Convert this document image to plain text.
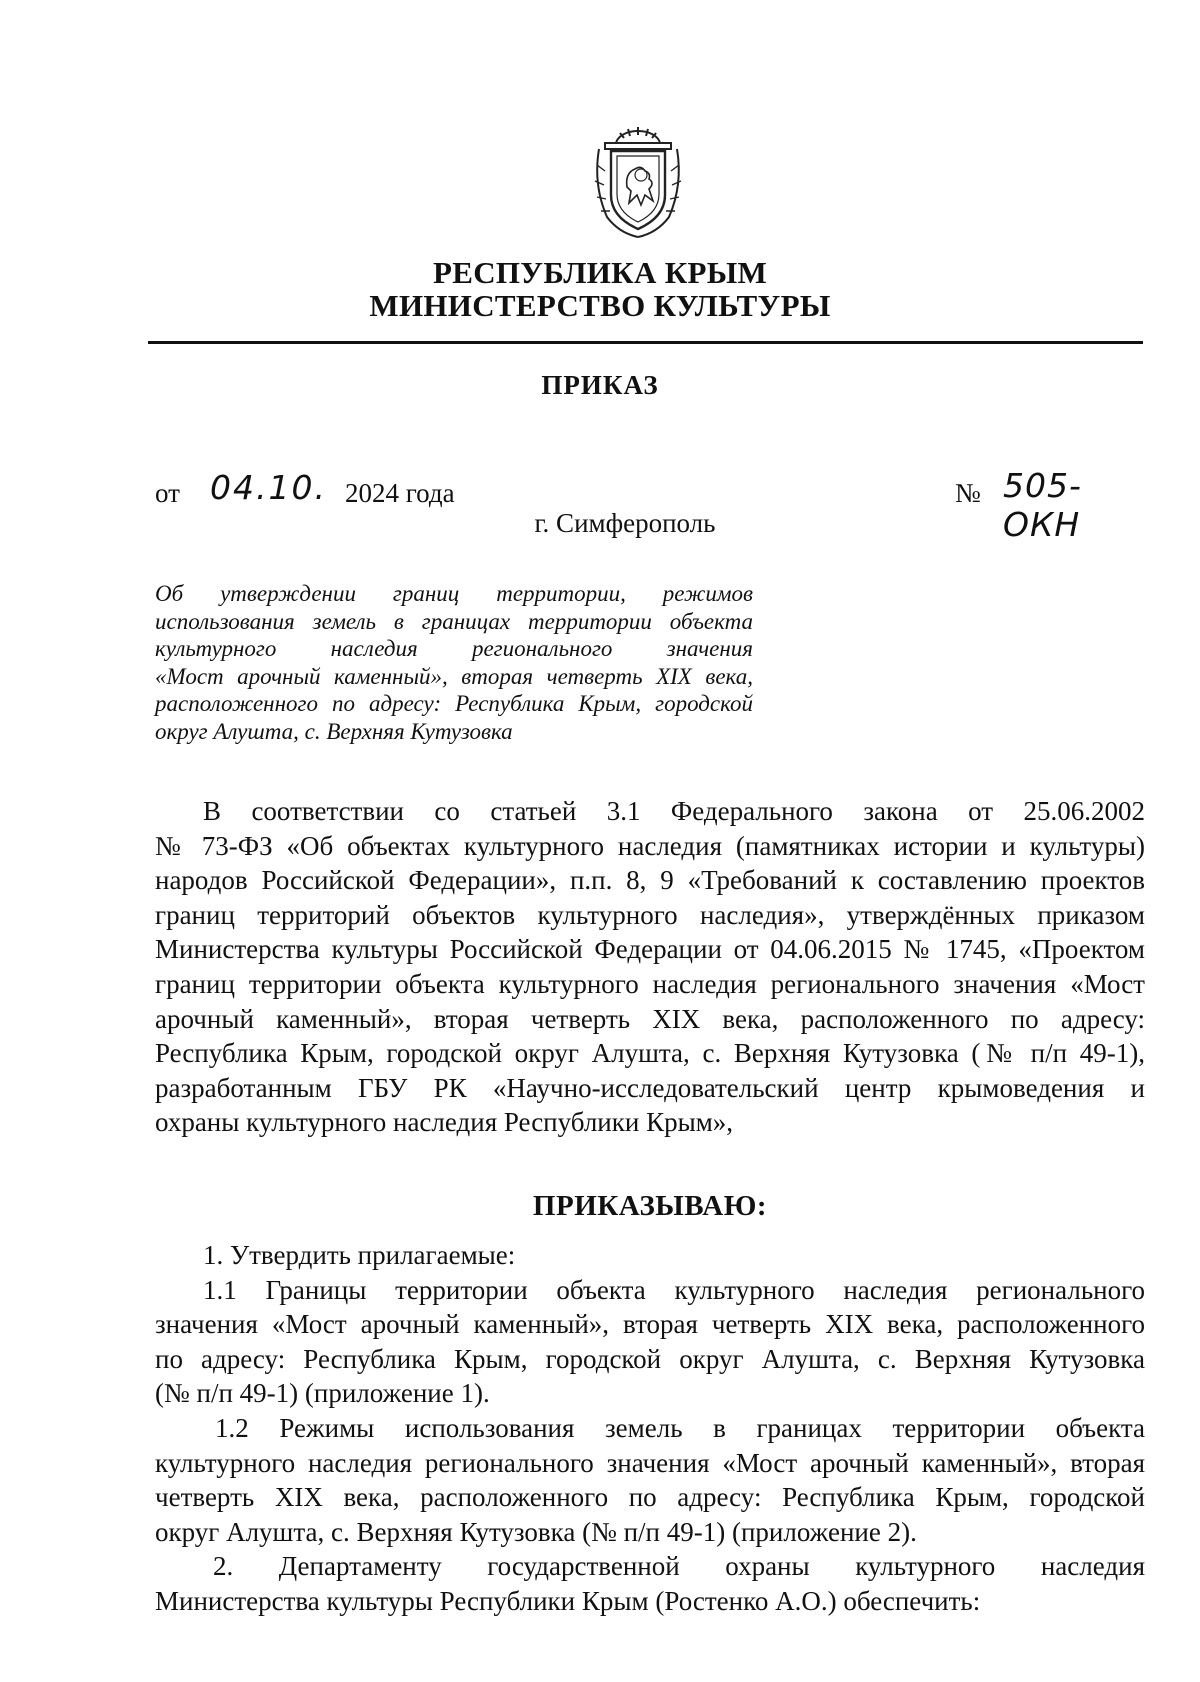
РЕСПУБЛИКА КРЫМ
МИНИСТЕРСТВО КУЛЬТУРЫ
ПРИКАЗ
от 04.10. 2024 года	№ 505-ОКН
г. Симферополь
Об утверждении границ территории, режимов
использования земель в границах территории объекта
культурного наследия регионального значения
«Мост арочный каменный», вторая четверть XIX века,
расположенного по адресу: Республика Крым, городской
округ Алушта, с. Верхняя Кутузовка
В соответствии со статьей 3.1 Федерального закона от 25.06.2002
№ 73-ФЗ «Об объектах культурного наследия (памятниках истории и культуры)
народов Российской Федерации», п.п. 8, 9 «Требований к составлению проектов
границ территорий объектов культурного наследия», утверждённых приказом
Министерства культуры Российской Федерации от 04.06.2015 № 1745, «Проектом
границ территории объекта культурного наследия регионального значения «Мост
арочный каменный», вторая четверть XIX века, расположенного по адресу:
Республика Крым, городской округ Алушта, с. Верхняя Кутузовка (№ п/п 49-1),
разработанным ГБУ РК «Научно-исследовательский центр крымоведения и
охраны культурного наследия Республики Крым»,
ПРИКАЗЫВАЮ:
1. Утвердить прилагаемые:
1.1 Границы территории объекта культурного наследия регионального
значения «Мост арочный каменный», вторая четверть XIX века, расположенного
по адресу: Республика Крым, городской округ Алушта, с. Верхняя Кутузовка
(№ п/п 49-1) (приложение 1).
1.2 Режимы использования земель в границах территории объекта
культурного наследия регионального значения «Мост арочный каменный», вторая
четверть XIX века, расположенного по адресу: Республика Крым, городской
округ Алушта, с. Верхняя Кутузовка (№ п/п 49-1) (приложение 2).
2. Департаменту государственной охраны культурного наследия
Министерства культуры Республики Крым (Ростенко А.О.) обеспечить:
